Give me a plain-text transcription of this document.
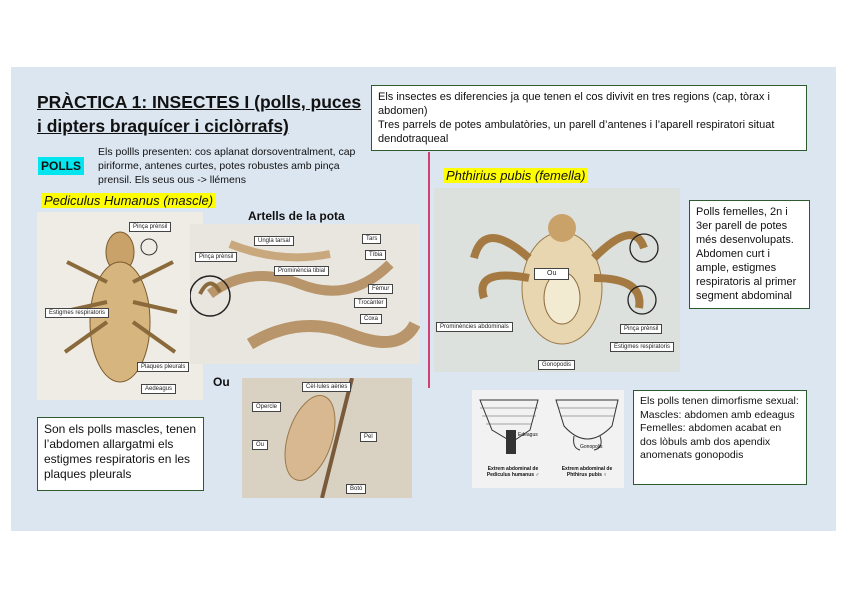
PRÀCTICA 1: INSECTES I (polls, puces i dipters braquícer i ciclòrrafs)
Els insectes es diferencies ja que tenen el cos divivit en tres regions (cap, tòrax i abdomen)
Tres parrels de potes ambulatòries, un parell d’antenes i l’aparell respiratori situat dendotraqueal
POLLS
Els pollls presenten: cos aplanat dorsoventralment, cap piriforme, antenes curtes, potes robustes amb pinça prensil. Els seus ous -> llémens
Pediculus Humanus (mascle)
Pinça prènsil
Estigmes respiratoris
Plaques pleurals
Aedeagus
Artells de la pota
Ungla tarsal
Pinça prènsil
Prominència tibial
Tars
Tíbia
Fèmur
Trocànter
Coxa
Ou	Cèl·lules aèries
Opercle
Ou
Pel
Botó
Son els polls mascles, tenen l’abdomen allargatmi els estigmes respiratoris en les plaques pleurals
Phthirius pubis (femella)
Ou
Prominències abdominals	Pinça prènsil
Estigmes respiratoris
Gonopodis
Polls femelles, 2n i 3er parell de potes més desenvolupats. Abdomen curt i ample, estigmes respiratoris al primer segment abdominal
Edeagus
Gonopolis
Extrem abdominal de Pediculus humanus ♂
Extrem abdominal de Phthirus pubis ♀
Els polls tenen dimorfisme sexual:
Mascles: abdomen amb edeagus
Femelles: abdomen acabat en dos lòbuls amb dos apendix anomenats gonopodis
